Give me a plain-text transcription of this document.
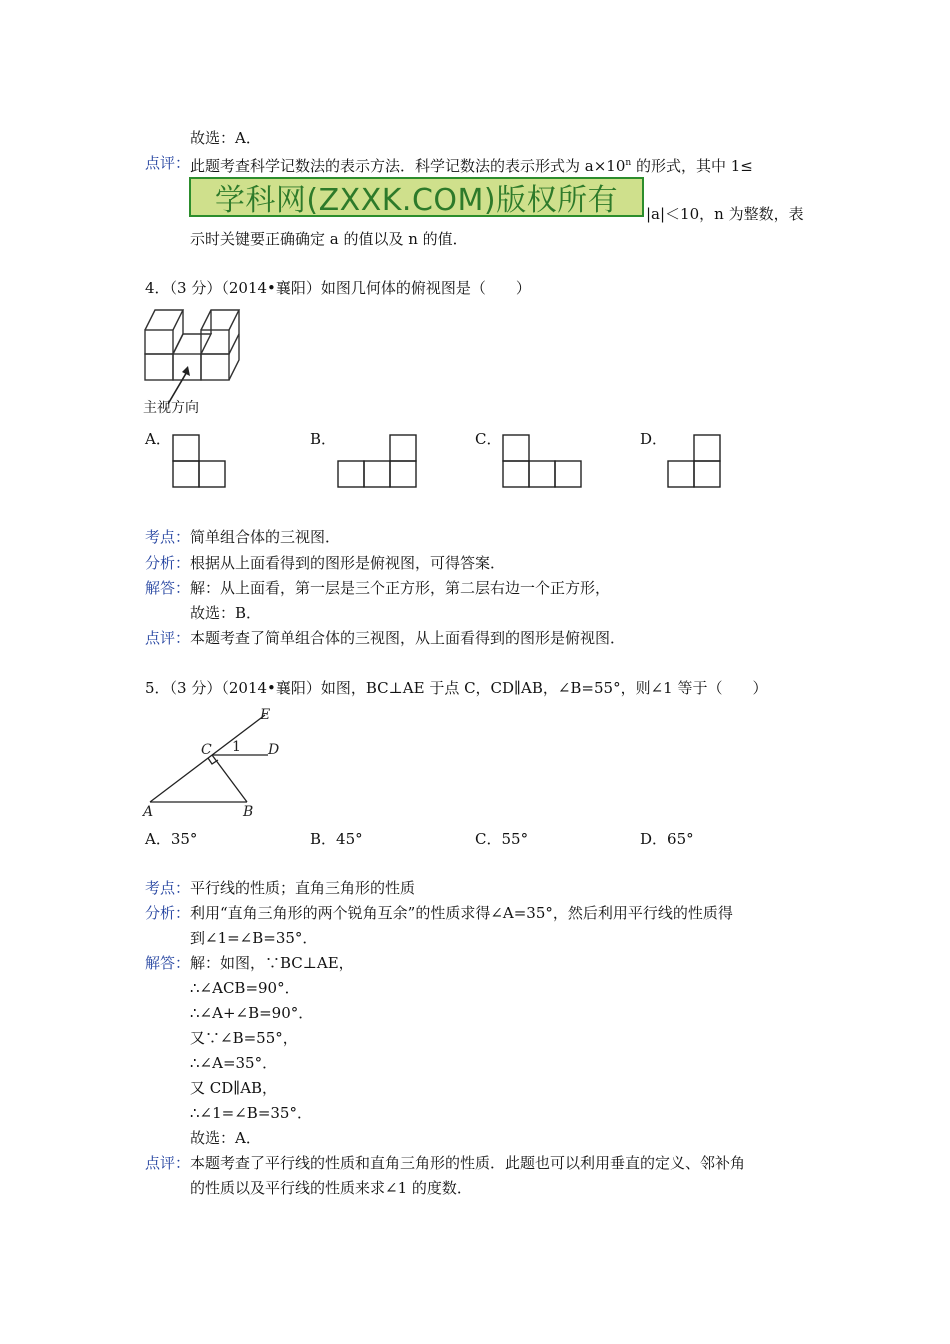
故选：A．
点评： 此题考查科学记数法的表示方法．科学记数法的表示形式为 $a\times 10^n$ 的形式，其中 1≤
学科网(ZXXK.COM)版权所有	|a|＜10，n 为整数，表
示时关键要正确确定 a 的值以及 n 的值．
4．（3 分）（2014•襄阳）如图几何体的俯视图是（　　）
主视方向
A．	B．	C．	D．
考点： 简单组合体的三视图．
分析： 根据从上面看得到的图形是俯视图，可得答案．
解答： 解：从上面看，第一层是三个正方形，第二层右边一个正方形，
故选：B．
点评： 本题考查了简单组合体的三视图，从上面看得到的图形是俯视图．
5．（3 分）（2014•襄阳）如图，BC⊥AE 于点 C，CD∥AB，∠B=55°，则∠1 等于（　　）
E
C	D
A	B
1
A．35°	B．45°	C．55°	D．65°
考点： 平行线的性质；直角三角形的性质
分析： 利用“直角三角形的两个锐角互余”的性质求得∠A=35°，然后利用平行线的性质得
到∠1=∠B=35°．
解答： 解：如图，∵BC⊥AE，
∴∠ACB=90°．
∴∠A+∠B=90°．
又∵∠B=55°，
∴∠A=35°．
又 CD∥AB，
∴∠1=∠B=35°．
故选：A．
点评： 本题考查了平行线的性质和直角三角形的性质．此题也可以利用垂直的定义、邻补角
的性质以及平行线的性质来求∠1 的度数．
